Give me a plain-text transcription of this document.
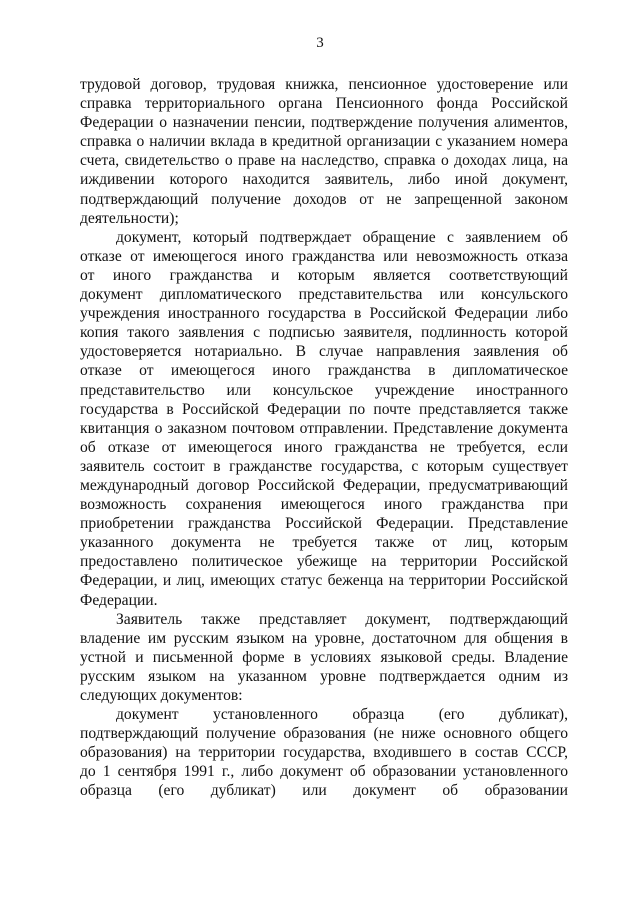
3
трудовой договор, трудовая книжка, пенсионное удостоверение или
справка территориального органа Пенсионного фонда Российской
Федерации о назначении пенсии, подтверждение получения алиментов,
справка о наличии вклада в кредитной организации с указанием номера
счета, свидетельство о праве на наследство, справка о доходах лица, на
иждивении которого находится заявитель, либо иной документ,
подтверждающий получение доходов от не запрещенной законом
деятельности);
документ, который подтверждает обращение с заявлением об
отказе от имеющегося иного гражданства или невозможность отказа
от иного гражданства и которым является соответствующий
документ дипломатического представительства или консульского
учреждения иностранного государства в Российской Федерации либо
копия такого заявления с подписью заявителя, подлинность которой
удостоверяется нотариально. В случае направления заявления об
отказе от имеющегося иного гражданства в дипломатическое
представительство или консульское учреждение иностранного
государства в Российской Федерации по почте представляется также
квитанция о заказном почтовом отправлении. Представление документа
об отказе от имеющегося иного гражданства не требуется, если
заявитель состоит в гражданстве государства, с которым существует
международный договор Российской Федерации, предусматривающий
возможность сохранения имеющегося иного гражданства при
приобретении гражданства Российской Федерации. Представление
указанного документа не требуется также от лиц, которым
предоставлено политическое убежище на территории Российской
Федерации, и лиц, имеющих статус беженца на территории Российской
Федерации.
Заявитель также представляет документ, подтверждающий
владение им русским языком на уровне, достаточном для общения в
устной и письменной форме в условиях языковой среды. Владение
русским языком на указанном уровне подтверждается одним из
следующих документов:
документ установленного образца (его дубликат),
подтверждающий получение образования (не ниже основного общего
образования) на территории государства, входившего в состав СССР,
до 1 сентября 1991 г., либо документ об образовании установленного
образца (его дубликат) или документ об образовании
